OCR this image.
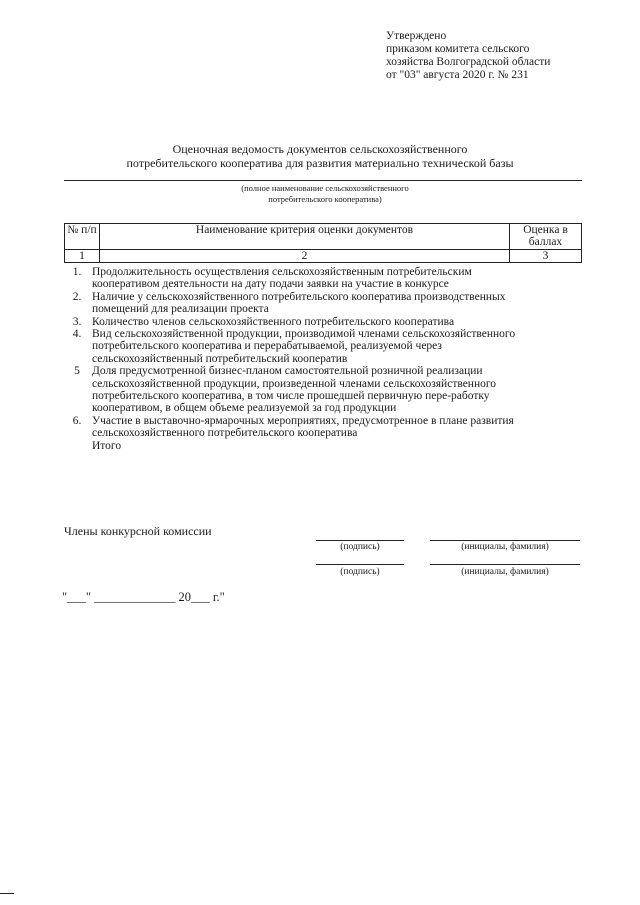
Утверждено
приказом комитета сельского
хозяйства Волгоградской области
от "03" августа 2020 г. № 231
Оценочная ведомость документов сельскохозяйственного
потребительского кооператива для развития материально технической базы
(полное наименование сельскохозяйственного
потребительского кооператива)
№ п/п	Наименование критерия оценки документов	Оценка в баллах
1	2	3
1. Продолжительность осуществления сельскохозяйственным потребительским кооперативом деятельности на дату подачи заявки на участие в конкурсе
2. Наличие у сельскохозяйственного потребительского кооператива производственных помещений для реализации проекта
3. Количество членов сельскохозяйственного потребительского кооператива
4. Вид сельскохозяйственной продукции, производимой членами сельскохозяйственного потребительского кооператива и перерабатываемой, реализуемой через сельскохозяйственный потребительский кооператив
5	Доля предусмотренной бизнес-планом самостоятельной розничной реализации сельскохозяйственной продукции, произведенной членами сельскохозяйственного потребительского кооператива, в том числе прошедшей первичную пере-работку кооперативом, в общем объеме реализуемой за год продукции
6. Участие в выставочно-ярмарочных мероприятиях, предусмотренное в плане развития сельскохозяйственного потребительского кооператива
Итого
Члены конкурсной комиссии
(подпись)	(инициалы, фамилия)
(подпись)	(инициалы, фамилия)
"___" _____________ 20___ г."
